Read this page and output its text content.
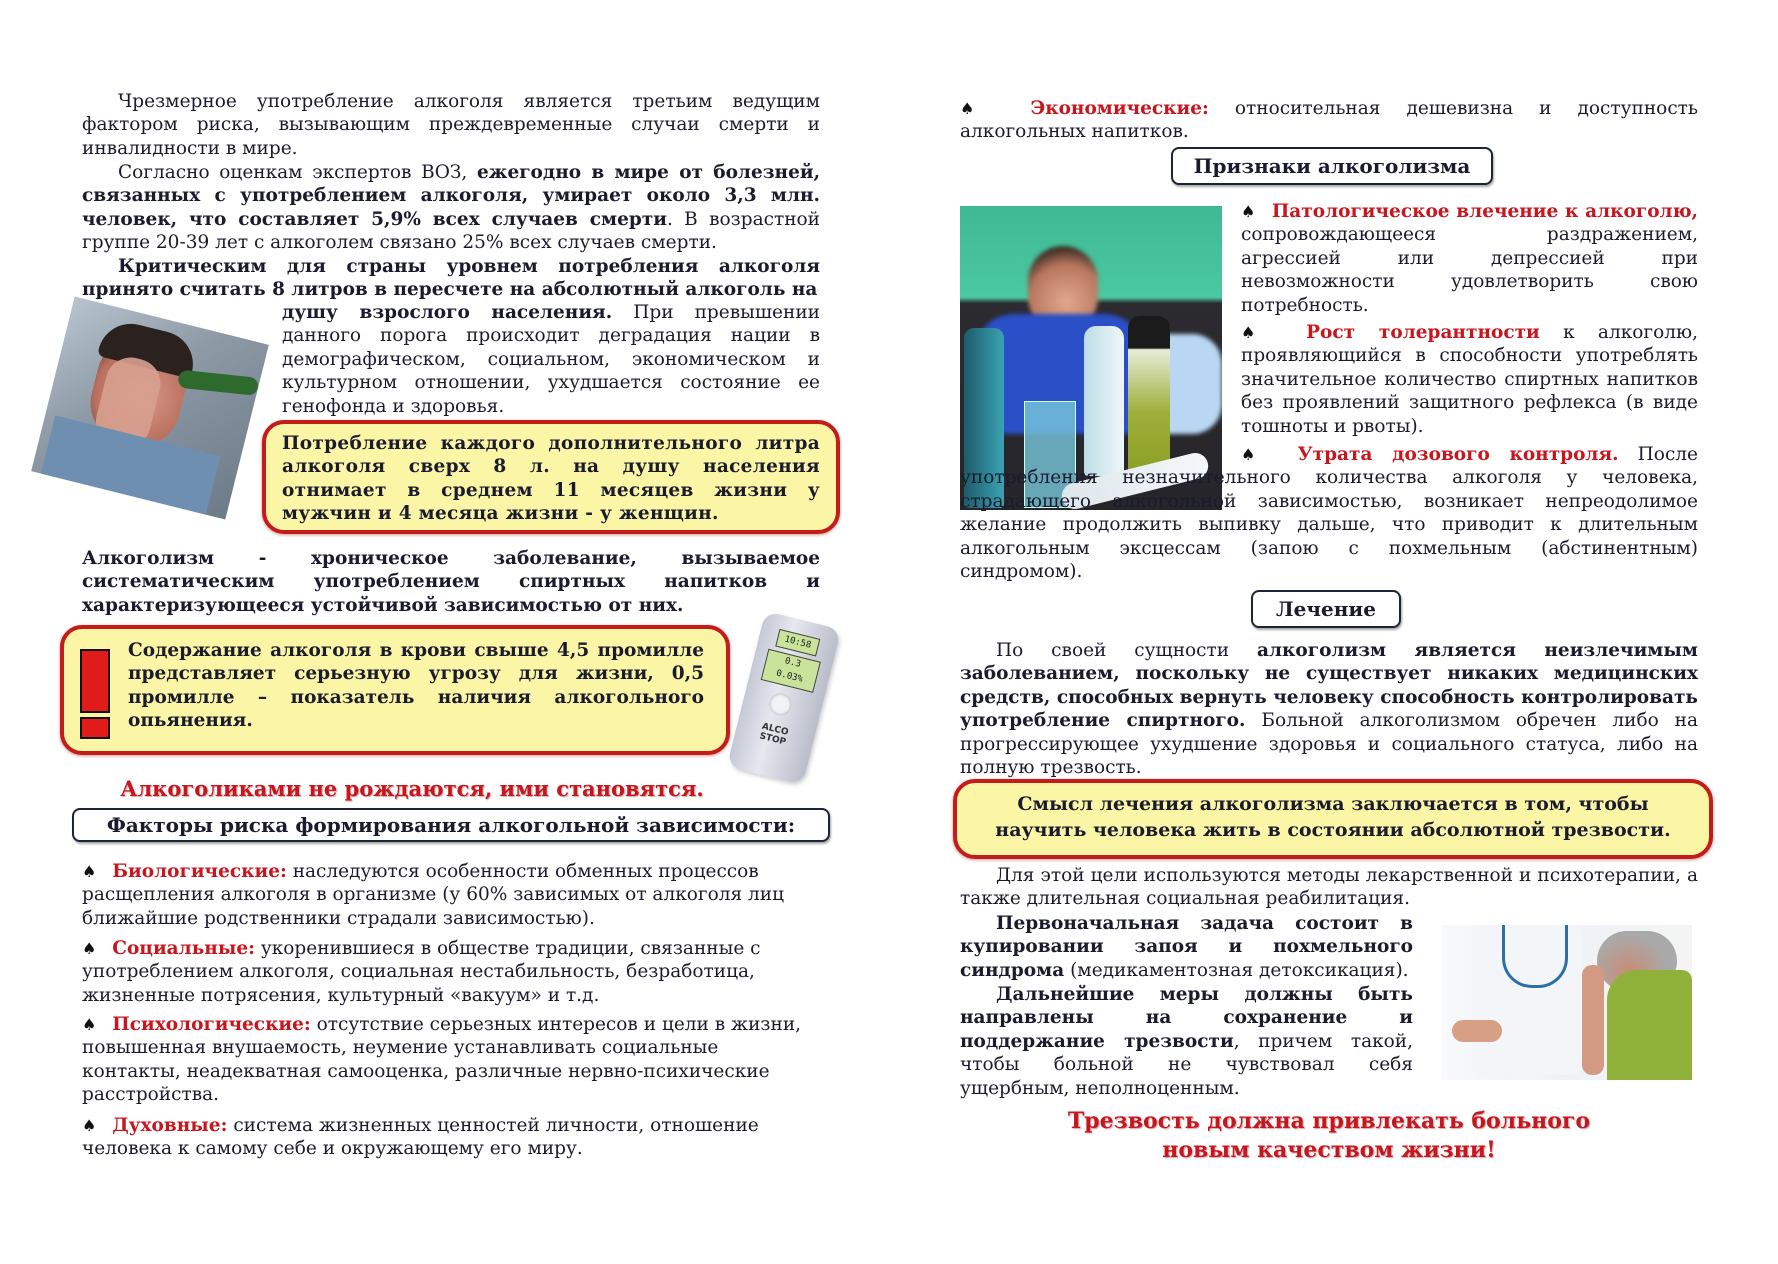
Чрезмерное употребление алкоголя является третьим ведущим фактором риска, вызывающим преждевременные случаи смерти и инвалидности в мире.

Согласно оценкам экспертов ВОЗ, ежегодно в мире от болезней, связанных с употреблением алкоголя, умирает около 3,3 млн. человек, что составляет 5,9% всех случаев смерти. В возрастной группе 20-39 лет с алкоголем связано 25% всех случаев смерти.

Критическим для страны уровнем потребления алкоголя принято считать 8 литров в пересчете на абсолютный алкоголь на

душу взрослого населения. При превышении данного порога происходит деградация нации в демографическом, социальном, экономическом и культурном отношении, ухудшается состояние ее генофонда и здоровья.

Потребление каждого дополнительного литра алкоголя сверх 8 л. на душу населения отнимает в среднем 11 месяцев жизни у мужчин и 4 месяца жизни - у женщин.

Алкоголизм - хроническое заболевание, вызываемое систематическим употреблением спиртных напитков и характеризующееся устойчивой зависимостью от них.

Содержание алкоголя в крови свыше 4,5 промилле представляет серьезную угрозу для жизни, 0,5 промилле – показатель наличия алкогольного опьянения.

10:58
0.3
0.03%
ALCO STOP
Алкоголиками не рождаются, ими становятся.
Факторы риска формирования алкогольной зависимости:

♠ Биологические: наследуются особенности обменных процессов расщепления алкоголя в организме (у 60% зависимых от алкоголя лиц ближайшие родственники страдали зависимостью).

♠ Социальные: укоренившиеся в обществе традиции, связанные с употреблением алкоголя, социальная нестабильность, безработица, жизненные потрясения, культурный «вакуум» и т.д.

♠ Психологические: отсутствие серьезных интересов и цели в жизни, повышенная внушаемость, неумение устанавливать социальные контакты, неадекватная самооценка, различные нервно-психические расстройства.

♠ Духовные: система жизненных ценностей личности, отношение человека к самому себе и окружающему его миру.

♠ Экономические: относительная дешевизна и доступность алкогольных напитков.

Признаки алкоголизма

♠ Патологическое влечение к алкоголю, сопровождающееся раздражением, агрессией или депрессией при невозможности удовлетворить свою потребность.

♠ Рост толерантности к алкоголю, проявляющийся в способности употреблять значительное количество спиртных напитков без проявлений защитного рефлекса (в виде тошноты и рвоты).

♠ Утрата дозового контроля. После употребления незначительного количества алкоголя у человека, страдающего алкогольной зависимостью, возникает непреодолимое желание продолжить выпивку дальше, что приводит к длительным алкогольным эксцессам (запою с похмельным (абстинентным) синдромом).

Лечение

По своей сущности алкоголизм является неизлечимым заболеванием, поскольку не существует никаких медицинских средств, способных вернуть человеку способность контролировать употребление спиртного. Больной алкоголизмом обречен либо на прогрессирующее ухудшение здоровья и социального статуса, либо на полную трезвость.

Смысл лечения алкоголизма заключается в том, чтобы
научить человека жить в состоянии абсолютной трезвости.

Для этой цели используются методы лекарственной и психотерапии, а также длительная социальная реабилитация.

Первоначальная задача состоит в купировании запоя и похмельного синдрома (медикаментозная детоксикация).

Дальнейшие меры должны быть направлены на сохранение и поддержание трезвости, причем такой, чтобы больной не чувствовал себя ущербным, неполноценным.

Трезвость должна привлекать больного
новым качеством жизни!
